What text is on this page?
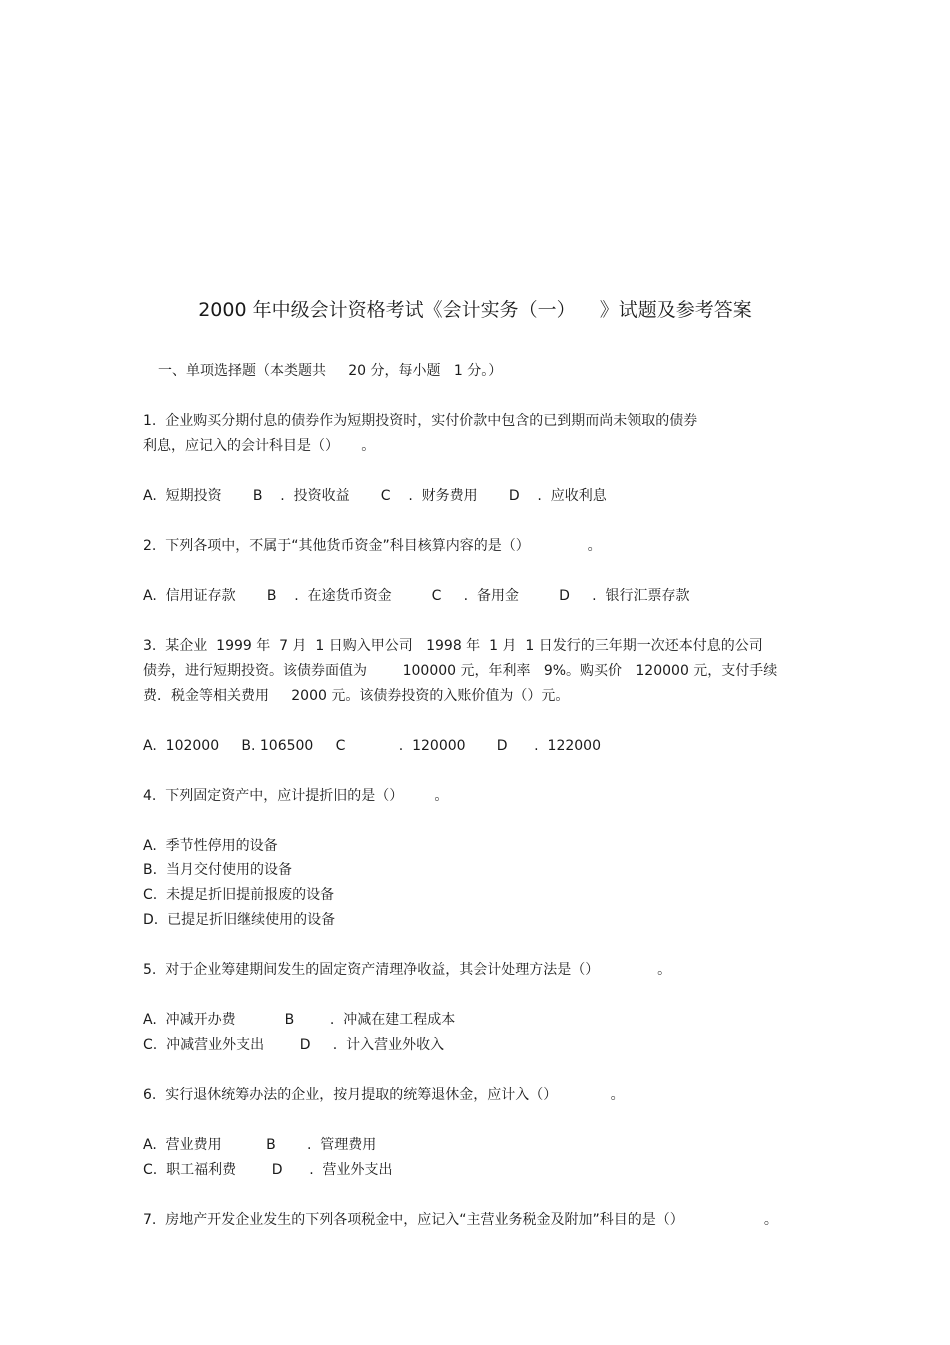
2000 年中级会计资格考试《会计实务（一）    》试题及参考答案
一、单项选择题（本类题共     20 分，每小题   1 分。）
1.  企业购买分期付息的债券作为短期投资时，实付价款中包含的已到期而尚未领取的债券
利息，应记入的会计科目是（）     。
A.  短期投资       B    .  投资收益       C    .  财务费用       D    .  应收利息
2.  下列各项中，不属于“其他货币资金”科目核算内容的是（）             。
A.  信用证存款       B    .  在途货币资金         C     .  备用金         D     .  银行汇票存款
3.  某企业  1999 年  7 月  1 日购入甲公司   1998 年  1 月  1 日发行的三年期一次还本付息的公司
债券，进行短期投资。该债券面值为        100000 元，年利率   9%。购买价   120000 元，支付手续
费．税金等相关费用     2000 元。该债券投资的入账价值为（）元。
A.  102000     B. 106500     C            .  120000       D      .  122000
4.  下列固定资产中，应计提折旧的是（）       。
A.  季节性停用的设备
B.  当月交付使用的设备
C.  未提足折旧提前报废的设备
D.  已提足折旧继续使用的设备
5.  对于企业筹建期间发生的固定资产清理净收益，其会计处理方法是（）             。
A.  冲减开办费           B        .  冲减在建工程成本
C.  冲减营业外支出        D     .  计入营业外收入
6.  实行退休统筹办法的企业，按月提取的统筹退休金，应计入（）            。
A.  营业费用          B       .  管理费用
C.  职工福利费        D      .  营业外支出
7.  房地产开发企业发生的下列各项税金中，应记入“主营业务税金及附加”科目的是（）                  。
